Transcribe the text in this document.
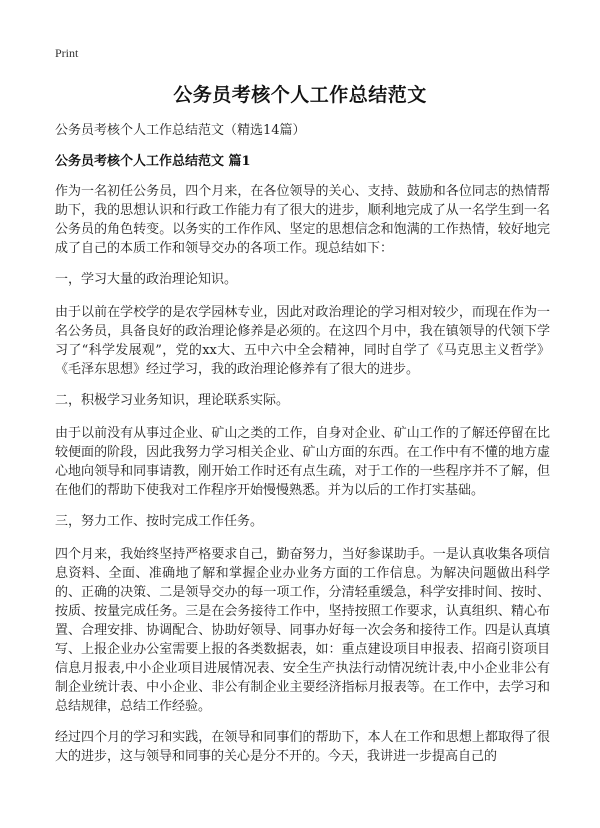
Print
公务员考核个人工作总结范文

公务员考核个人工作总结范文（精选14篇）

公务员考核个人工作总结范文 篇1

作为一名初任公务员，四个月来，在各位领导的关心、支持、鼓励和各位同志的热情帮助下，我的思想认识和行政工作能力有了很大的进步，顺利地完成了从一名学生到一名公务员的角色转变。以务实的工作作风、坚定的思想信念和饱满的工作热情，较好地完成了自己的本质工作和领导交办的各项工作。现总结如下：

一，学习大量的政治理论知识。

由于以前在学校学的是农学园林专业，因此对政治理论的学习相对较少，而现在作为一名公务员，具备良好的政治理论修养是必须的。在这四个月中，我在镇领导的代领下学习了“科学发展观”，党的xx大、五中六中全会精神，同时自学了《马克思主义哲学》《毛泽东思想》经过学习，我的政治理论修养有了很大的进步。

二，积极学习业务知识，理论联系实际。

由于以前没有从事过企业、矿山之类的工作，自身对企业、矿山工作的了解还停留在比较便面的阶段，因此我努力学习相关企业、矿山方面的东西。在工作中有不懂的地方虚心地向领导和同事请教，刚开始工作时还有点生疏，对于工作的一些程序并不了解，但在他们的帮助下使我对工作程序开始慢慢熟悉。并为以后的工作打实基础。

三，努力工作、按时完成工作任务。

四个月来，我始终坚持严格要求自己，勤奋努力，当好参谋助手。一是认真收集各项信息资料、全面、准确地了解和掌握企业办业务方面的工作信息。为解决问题做出科学的、正确的决策、二是领导交办的每一项工作，分清轻重缓急，科学安排时间、按时、按质、按量完成任务。三是在会务接待工作中，坚持按照工作要求，认真组织、精心布置、合理安排、协调配合、协助好领导、同事办好每一次会务和接待工作。四是认真填写、上报企业办公室需要上报的各类数据表，如：重点建设项目申报表、招商引资项目信息月报表,中小企业项目进展情况表、安全生产执法行动情况统计表,中小企业非公有制企业统计表、中小企业、非公有制企业主要经济指标月报表等。在工作中，去学习和总结规律，总结工作经验。

经过四个月的学习和实践，在领导和同事们的帮助下，本人在工作和思想上都取得了很大的进步，这与领导和同事的关心是分不开的。今天，我讲进一步提高自己的
